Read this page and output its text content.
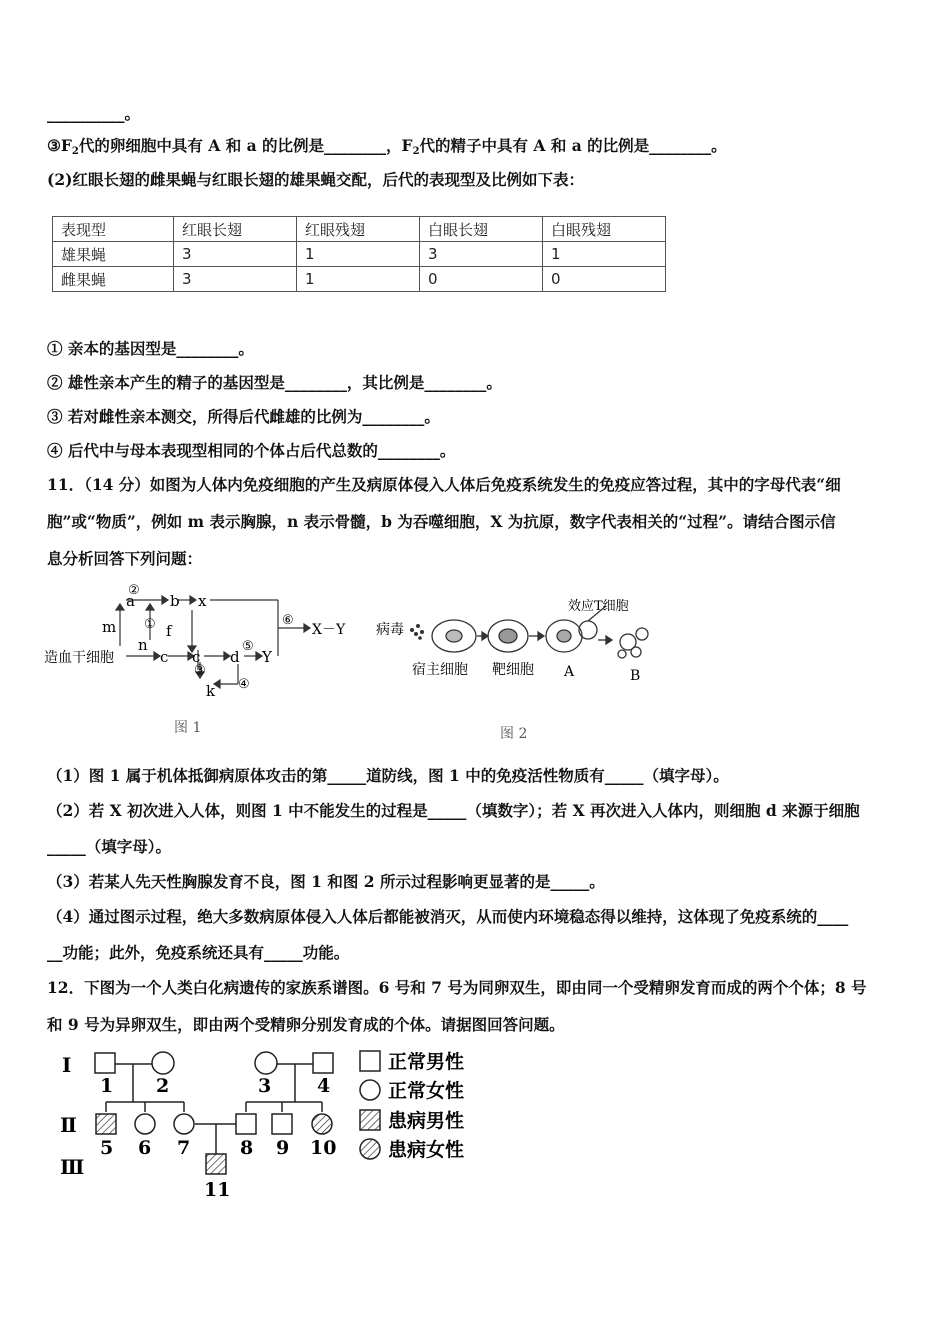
__________。
$③F_2$代的卵细胞中具有 A 和 a 的比例是________，$F_2$代的精子中具有 A 和 a 的比例是________。
(2)红眼长翅的雌果蝇与红眼长翅的雄果蝇交配，后代的表现型及比例如下表：
表现型	红眼长翅	红眼残翅	白眼长翅	白眼残翅
雄果蝇	3	1	3	1
雌果蝇	3	1	0	0
① 亲本的基因型是________。
② 雄性亲本产生的精子的基因型是________，其比例是________。
③ 若对雌性亲本测交，所得后代雌雄的比例为________。
④ 后代中与母本表现型相同的个体占后代总数的________。
11．（14 分）如图为人体内免疫细胞的产生及病原体侵入人体后免疫系统发生的免疫应答过程，其中的字母代表“细
胞”或“物质”，例如 m 表示胸腺，n 表示骨髓，b 为吞噬细胞，X 为抗原，数字代表相关的“过程”。请结合图示信
息分析回答下列问题：
a b x
f
m
n
造血干细胞	c c d Y
k
X－Y
②
①
③
④
⑤
⑥
图 1
病毒
效应T细胞
宿主细胞 靶细胞 A	B
图 2
（1）图 1 属于机体抵御病原体攻击的第_____道防线，图 1 中的免疫活性物质有_____（填字母）。
（2）若 X 初次进入人体，则图 1 中不能发生的过程是_____（填数字）；若 X 再次进入人体内，则细胞 d 来源于细胞
_____（填字母）。
（3）若某人先天性胸腺发育不良，图 1 和图 2 所示过程影响更显著的是_____。
（4）通过图示过程，绝大多数病原体侵入人体后都能被消灭，从而使内环境稳态得以维持，这体现了免疫系统的____
__功能；此外，免疫系统还具有_____功能。
12．下图为一个人类白化病遗传的家族系谱图。6 号和 7 号为同卵双生，即由同一个受精卵发育而成的两个个体；8 号
和 9 号为异卵双生，即由两个受精卵分别发育成的个体。请据图回答问题。
Ⅰ
Ⅱ
Ⅲ
1 2	3 4
5 6 7	8 9 10
11
正常男性
正常女性
患病男性
患病女性
